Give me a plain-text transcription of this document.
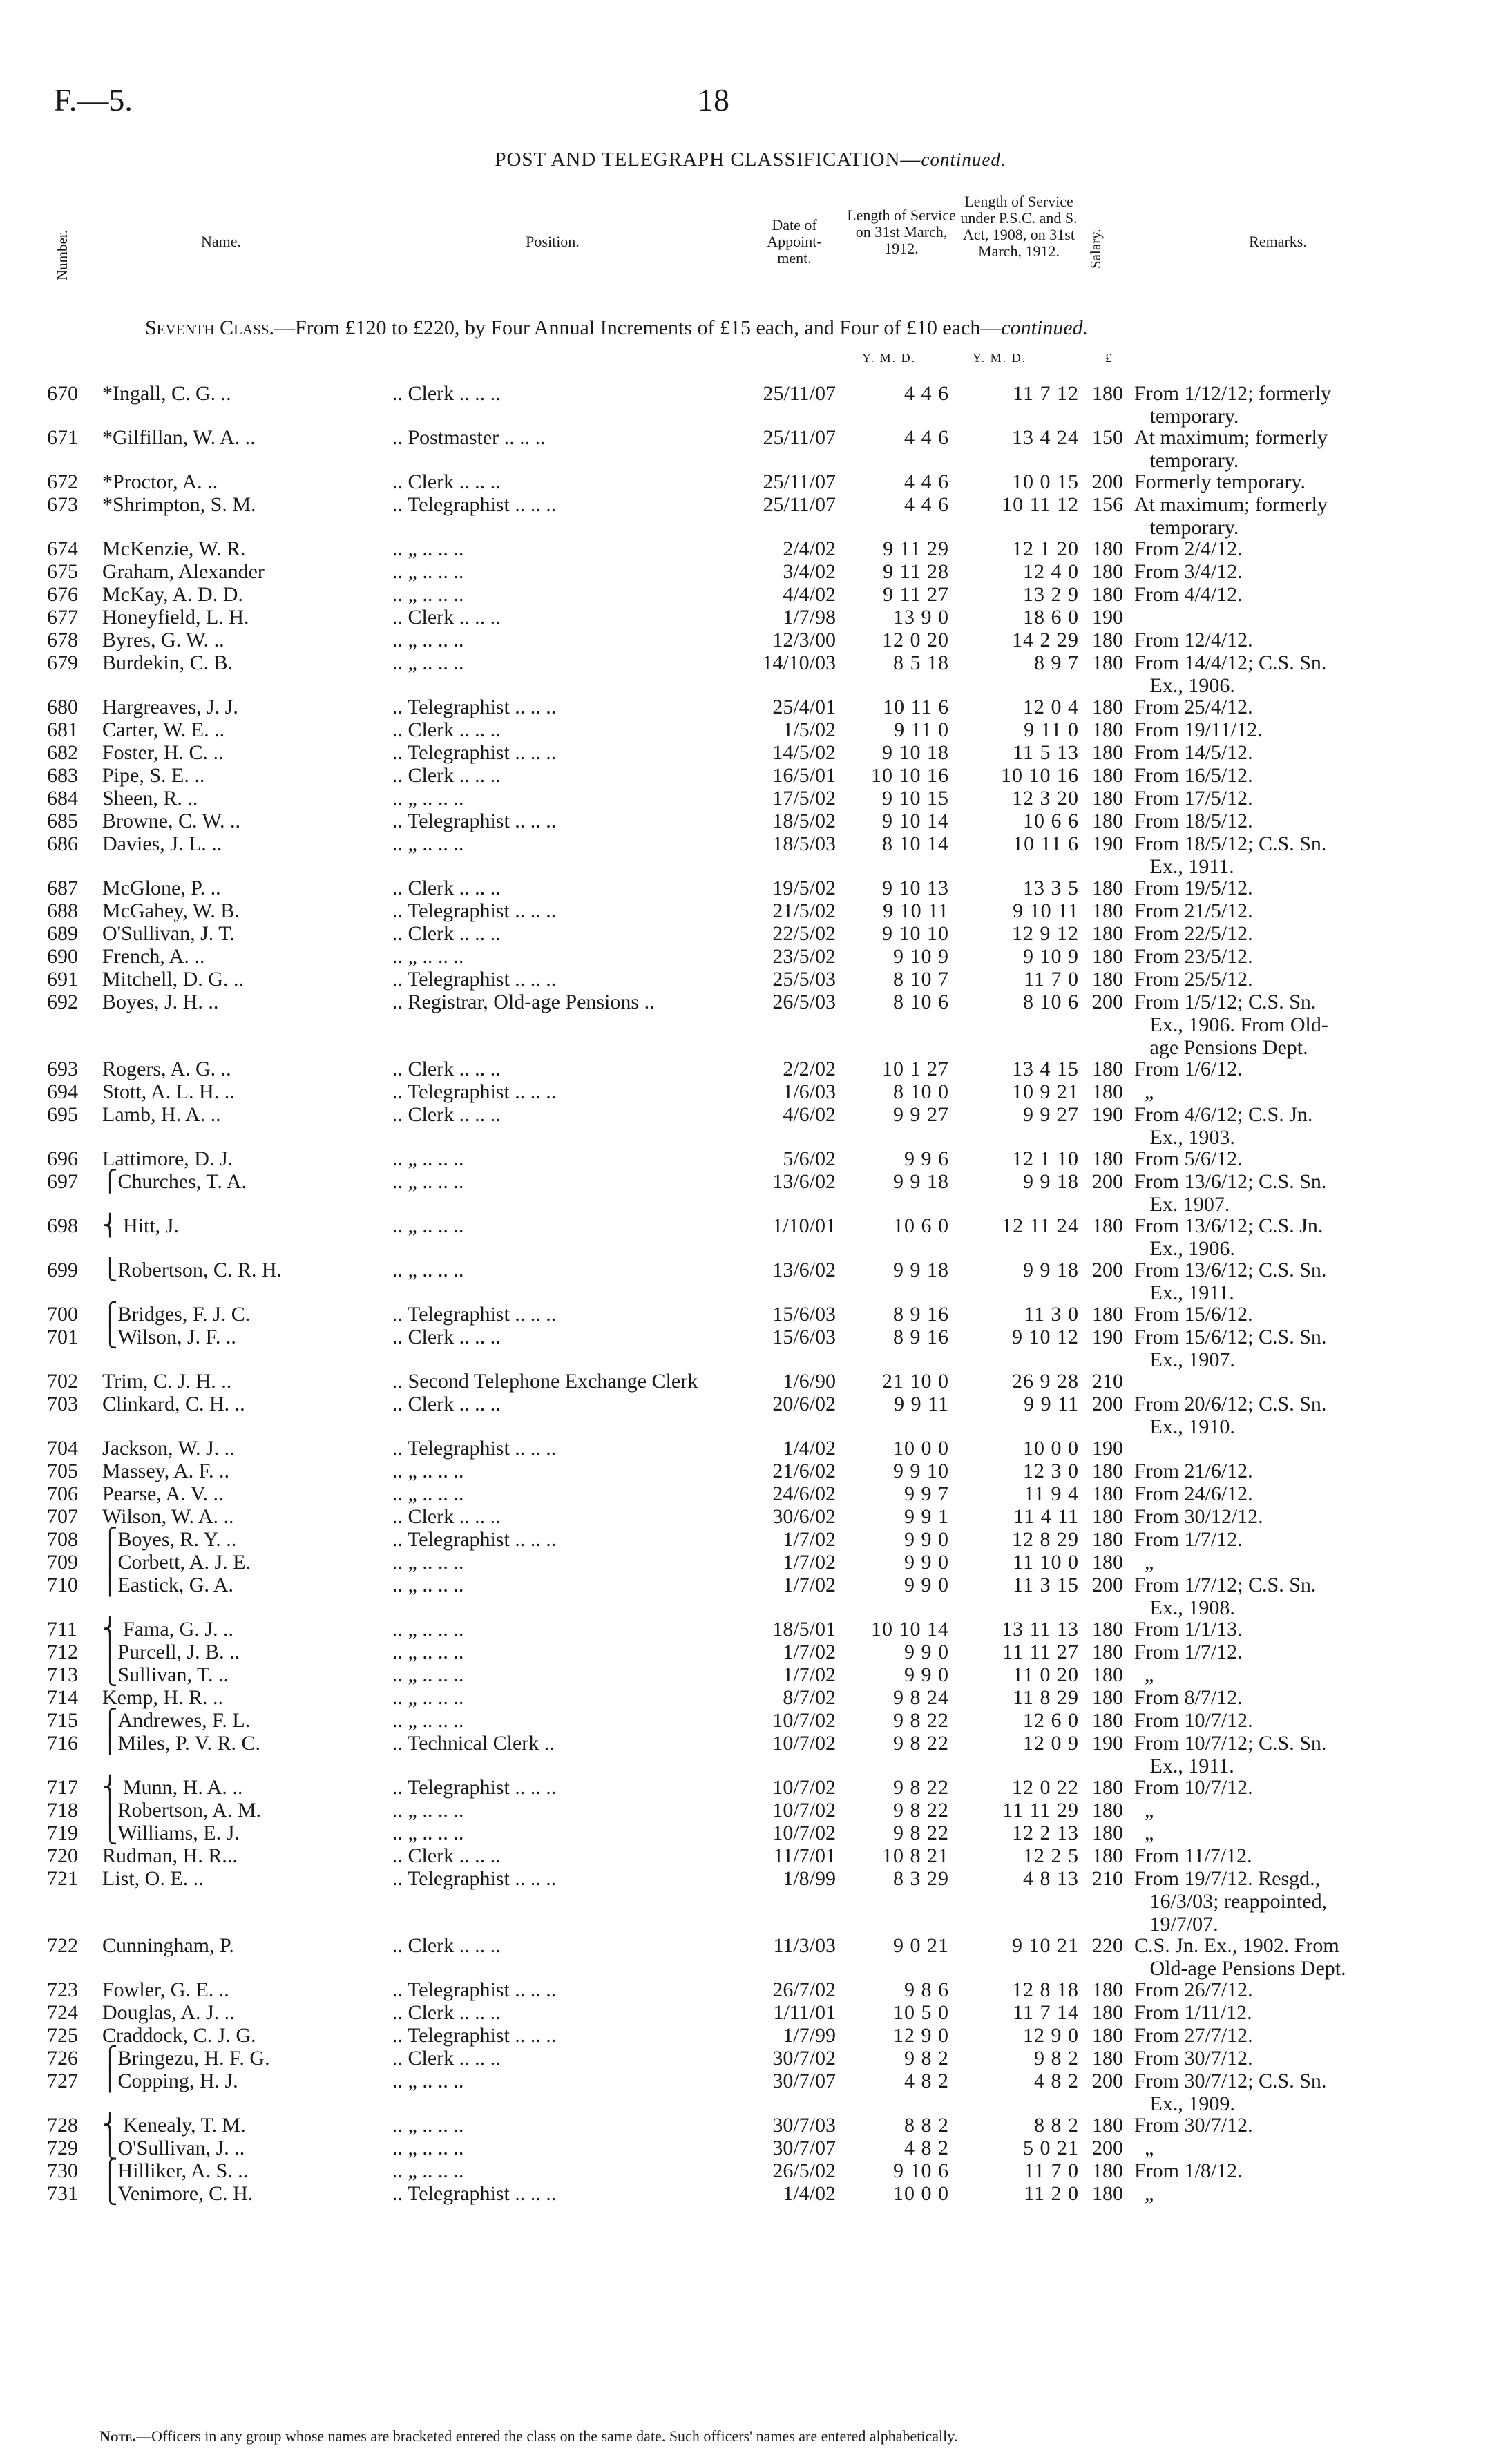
F.—5.	18
POST AND TELEGRAPH CLASSIFICATION—continued.
Number.	Name.	Position.
Date of Appoint-ment.
Length of Service on 31st March, 1912.
Length of Service under P.S.C. and S. Act, 1908, on 31st March, 1912.	Salary.	Remarks.
Seventh Class.—From £120 to £220, by Four Annual Increments of £15 each, and Four of £10 each—continued.
Y. M. D.	Y. M. D.	£
670 *Ingall, C. G. ..	.. Clerk .. .. ..	25/11/07	4 4 6	11 7 12 180 From 1/12/12; formerly
temporary.
671 *Gilfillan, W. A. ..	.. Postmaster .. .. ..	25/11/07	4 4 6	13 4 24 150 At maximum; formerly
temporary.
672 *Proctor, A. ..	.. Clerk .. .. ..	25/11/07	4 4 6	10 0 15 200 Formerly temporary.
673 *Shrimpton, S. M.	.. Telegraphist .. .. ..	25/11/07	4 4 6	10 11 12 156 At maximum; formerly
temporary.
674 McKenzie, W. R.	.. „ .. .. ..	2/4/02	9 11 29	12 1 20 180 From 2/4/12.
675 Graham, Alexander	.. „ .. .. ..	3/4/02	9 11 28	12 4 0 180 From 3/4/12.
676 McKay, A. D. D.	.. „ .. .. ..	4/4/02	9 11 27	13 2 9 180 From 4/4/12.
677 Honeyfield, L. H.	.. Clerk .. .. ..	1/7/98	13 9 0	18 6 0 190
678 Byres, G. W. ..	.. „ .. .. ..	12/3/00	12 0 20	14 2 29 180 From 12/4/12.
679 Burdekin, C. B.	.. „ .. .. ..	14/10/03	8 5 18	8 9 7 180 From 14/4/12; C.S. Sn.
Ex., 1906.
680 Hargreaves, J. J.	.. Telegraphist .. .. ..	25/4/01	10 11 6	12 0 4 180 From 25/4/12.
681 Carter, W. E. ..	.. Clerk .. .. ..	1/5/02	9 11 0	9 11 0 180 From 19/11/12.
682 Foster, H. C. ..	.. Telegraphist .. .. ..	14/5/02	9 10 18	11 5 13 180 From 14/5/12.
683 Pipe, S. E. ..	.. Clerk .. .. ..	16/5/01	10 10 16	10 10 16 180 From 16/5/12.
684 Sheen, R. ..	.. „ .. .. ..	17/5/02	9 10 15	12 3 20 180 From 17/5/12.
685 Browne, C. W. ..	.. Telegraphist .. .. ..	18/5/02	9 10 14	10 6 6 180 From 18/5/12.
686 Davies, J. L. ..	.. „ .. .. ..	18/5/03	8 10 14	10 11 6 190 From 18/5/12; C.S. Sn.
Ex., 1911.
687 McGlone, P. ..	.. Clerk .. .. ..	19/5/02	9 10 13	13 3 5 180 From 19/5/12.
688 McGahey, W. B.	.. Telegraphist .. .. ..	21/5/02	9 10 11	9 10 11 180 From 21/5/12.
689 O'Sullivan, J. T.	.. Clerk .. .. ..	22/5/02	9 10 10	12 9 12 180 From 22/5/12.
690 French, A. ..	.. „ .. .. ..	23/5/02	9 10 9	9 10 9 180 From 23/5/12.
691 Mitchell, D. G. ..	.. Telegraphist .. .. ..	25/5/03	8 10 7	11 7 0 180 From 25/5/12.
692 Boyes, J. H. ..	.. Registrar, Old-age Pensions ..	26/5/03	8 10 6	8 10 6 200 From 1/5/12; C.S. Sn.
Ex., 1906. From Old-
age Pensions Dept.
693 Rogers, A. G. ..	.. Clerk .. .. ..	2/2/02	10 1 27	13 4 15 180 From 1/6/12.
694 Stott, A. L. H. ..	.. Telegraphist .. .. ..	1/6/03	8 10 0	10 9 21 180 „
695 Lamb, H. A. ..	.. Clerk .. .. ..	4/6/02	9 9 27	9 9 27 190 From 4/6/12; C.S. Jn.
Ex., 1903.
696 Lattimore, D. J.	.. „ .. .. ..	5/6/02	9 9 6	12 1 10 180 From 5/6/12.
697 ⎧Churches, T. A.	.. „ .. .. ..	13/6/02	9 9 18	9 9 18 200 From 13/6/12; C.S. Sn.
Ex. 1907.
698 ⎨ Hitt, J.	.. „ .. .. ..	1/10/01	10 6 0	12 11 24 180 From 13/6/12; C.S. Jn.
Ex., 1906.
699 ⎩Robertson, C. R. H.	.. „ .. .. ..	13/6/02	9 9 18	9 9 18 200 From 13/6/12; C.S. Sn.
Ex., 1911.
700 ⎧Bridges, F. J. C.	.. Telegraphist .. .. ..	15/6/03	8 9 16	11 3 0 180 From 15/6/12.
701 ⎩Wilson, J. F. ..	.. Clerk .. .. ..	15/6/03	8 9 16	9 10 12 190 From 15/6/12; C.S. Sn.
Ex., 1907.
702 Trim, C. J. H. ..	.. Second Telephone Exchange Clerk	1/6/90	21 10 0	26 9 28 210
703 Clinkard, C. H. ..	.. Clerk .. .. ..	20/6/02	9 9 11	9 9 11 200 From 20/6/12; C.S. Sn.
Ex., 1910.
704 Jackson, W. J. ..	.. Telegraphist .. .. ..	1/4/02	10 0 0	10 0 0 190
705 Massey, A. F. ..	.. „ .. .. ..	21/6/02	9 9 10	12 3 0 180 From 21/6/12.
706 Pearse, A. V. ..	.. „ .. .. ..	24/6/02	9 9 7	11 9 4 180 From 24/6/12.
707 Wilson, W. A. ..	.. Clerk .. .. ..	30/6/02	9 9 1	11 4 11 180 From 30/12/12.
708 ⎧Boyes, R. Y. ..	.. Telegraphist .. .. ..	1/7/02	9 9 0	12 8 29 180 From 1/7/12.
709 ⎪Corbett, A. J. E.	.. „ .. .. ..	1/7/02	9 9 0	11 10 0 180 „
710 ⎪Eastick, G. A.	.. „ .. .. ..	1/7/02	9 9 0	11 3 15 200 From 1/7/12; C.S. Sn.
Ex., 1908.
711 ⎨ Fama, G. J. ..	.. „ .. .. ..	18/5/01	10 10 14	13 11 13 180 From 1/1/13.
712 ⎪Purcell, J. B. ..	.. „ .. .. ..	1/7/02	9 9 0	11 11 27 180 From 1/7/12.
713 ⎩Sullivan, T. ..	.. „ .. .. ..	1/7/02	9 9 0	11 0 20 180 „
714 Kemp, H. R. ..	.. „ .. .. ..	8/7/02	9 8 24	11 8 29 180 From 8/7/12.
715 ⎧Andrewes, F. L.	.. „ .. .. ..	10/7/02	9 8 22	12 6 0 180 From 10/7/12.
716 ⎪Miles, P. V. R. C.	.. Technical Clerk ..	10/7/02	9 8 22	12 0 9 190 From 10/7/12; C.S. Sn.
Ex., 1911.
717 ⎨ Munn, H. A. ..	.. Telegraphist .. .. ..	10/7/02	9 8 22	12 0 22 180 From 10/7/12.
718 ⎪Robertson, A. M.	.. „ .. .. ..	10/7/02	9 8 22	11 11 29 180 „
719 ⎩Williams, E. J.	.. „ .. .. ..	10/7/02	9 8 22	12 2 13 180 „
720 Rudman, H. R...	.. Clerk .. .. ..	11/7/01	10 8 21	12 2 5 180 From 11/7/12.
721 List, O. E. ..	.. Telegraphist .. .. ..	1/8/99	8 3 29	4 8 13 210 From 19/7/12. Resgd.,
16/3/03; reappointed,
19/7/07.
722 Cunningham, P.	.. Clerk .. .. ..	11/3/03	9 0 21	9 10 21 220 C.S. Jn. Ex., 1902. From
Old-age Pensions Dept.
723 Fowler, G. E. ..	.. Telegraphist .. .. ..	26/7/02	9 8 6	12 8 18 180 From 26/7/12.
724 Douglas, A. J. ..	.. Clerk .. .. ..	1/11/01	10 5 0	11 7 14 180 From 1/11/12.
725 Craddock, C. J. G.	.. Telegraphist .. .. ..	1/7/99	12 9 0	12 9 0 180 From 27/7/12.
726 ⎧Bringezu, H. F. G.	.. Clerk .. .. ..	30/7/02	9 8 2	9 8 2 180 From 30/7/12.
727 ⎪Copping, H. J.	.. „ .. .. ..	30/7/07	4 8 2	4 8 2 200 From 30/7/12; C.S. Sn.
Ex., 1909.
728 ⎨ Kenealy, T. M.	.. „ .. .. ..	30/7/03	8 8 2	8 8 2 180 From 30/7/12.
729 ⎩O'Sullivan, J. ..	.. „ .. .. ..	30/7/07	4 8 2	5 0 21 200 „
730 ⎧Hilliker, A. S. ..	.. „ .. .. ..	26/5/02	9 10 6	11 7 0 180 From 1/8/12.
731 ⎩Venimore, C. H.	.. Telegraphist .. .. ..	1/4/02	10 0 0	11 2 0 180 „
Note.—Officers in any group whose names are bracketed entered the class on the same date. Such officers' names are entered alphabetically.
